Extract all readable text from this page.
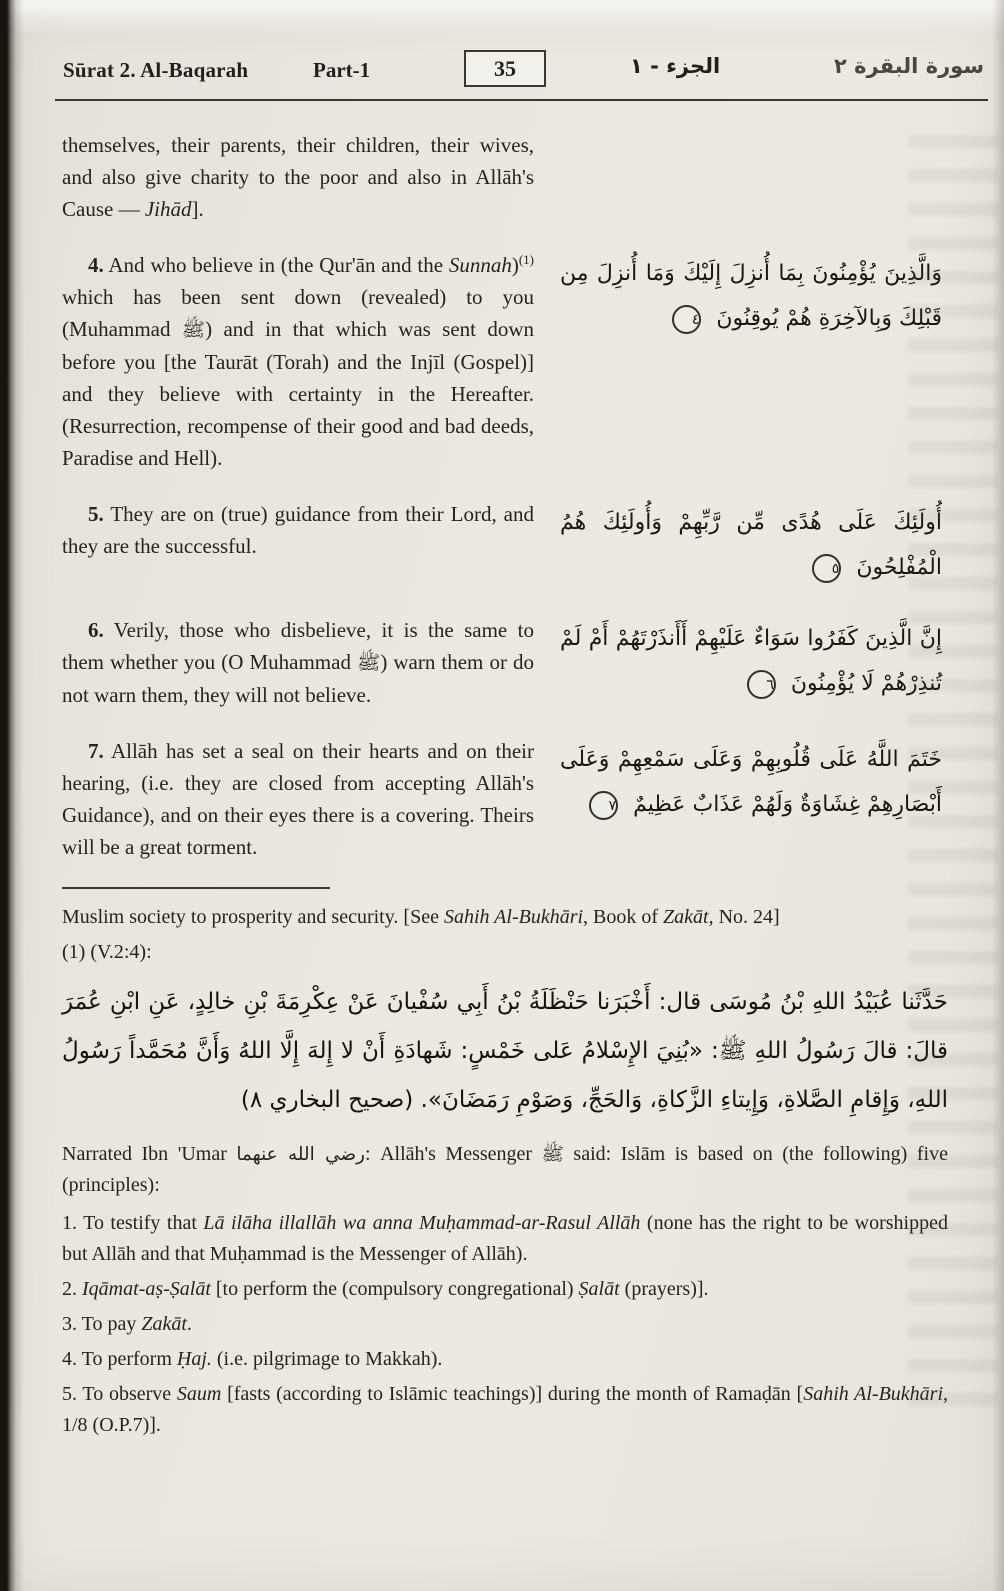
Sūrat 2. Al-Baqarah	Part-1	35	الجزء - ١	سورة البقرة ٢

themselves, their parents, their children, their wives, and also give charity to the poor and also in Allāh's Cause — Jihād].

4. And who believe in (the Qur'ān and the Sunnah)$^{(1)}$ which has been sent down (revealed) to you (Muhammad ﷺ) and in that which was sent down before you [the Taurāt (Torah) and the Injīl (Gospel)] and they believe with certainty in the Hereafter. (Resurrection, recompense of their good and bad deeds, Paradise and Hell).

وَالَّذِينَ يُؤْمِنُونَ بِمَا أُنزِلَ إِلَيْكَ وَمَا أُنزِلَ مِن قَبْلِكَ وَبِالآخِرَةِ هُمْ يُوقِنُونَ ٤

5. They are on (true) guidance from their Lord, and they are the successful.

أُولَئِكَ عَلَى هُدًى مِّن رَّبِّهِمْ وَأُولَئِكَ هُمُ الْمُفْلِحُونَ ٥

6. Verily, those who disbelieve, it is the same to them whether you (O Muhammad ﷺ) warn them or do not warn them, they will not believe.

إِنَّ الَّذِينَ كَفَرُوا سَوَاءٌ عَلَيْهِمْ أَأَنذَرْتَهُمْ أَمْ لَمْ تُنذِرْهُمْ لَا يُؤْمِنُونَ ٦

7. Allāh has set a seal on their hearts and on their hearing, (i.e. they are closed from accepting Allāh's Guidance), and on their eyes there is a covering. Theirs will be a great torment.

خَتَمَ اللَّهُ عَلَى قُلُوبِهِمْ وَعَلَى سَمْعِهِمْ وَعَلَى أَبْصَارِهِمْ غِشَاوَةٌ وَلَهُمْ عَذَابٌ عَظِيمٌ ٧

Muslim society to prosperity and security. [See Sahih Al-Bukhāri, Book of Zakāt, No. 24]

(1) (V.2:4):

حَدَّثَنا عُبَيْدُ اللهِ بْنُ مُوسَى قال: أَخْبَرَنا حَنْظَلَةُ بْنُ أَبِي سُفْيانَ عَنْ عِكْرِمَةَ بْنِ خالِدٍ، عَنِ ابْنِ عُمَرَ قالَ: قالَ رَسُولُ اللهِ ﷺ: «بُنِيَ الإِسْلامُ عَلى خَمْسٍ: شَهادَةِ أَنْ لا إِلهَ إِلَّا اللهُ وَأَنَّ مُحَمَّداً رَسُولُ اللهِ، وَإِقامِ الصَّلاةِ، وَإِيتاءِ الزَّكاةِ، وَالحَجِّ، وَصَوْمِ رَمَضَانَ». (صحيح البخاري ٨)

Narrated Ibn 'Umar رضي الله عنهما: Allāh's Messenger ﷺ said: Islām is based on (the following) five (principles):

1. To testify that Lā ilāha illallāh wa anna Muḥammad-ar-Rasul Allāh (none has the right to be worshipped but Allāh and that Muḥammad is the Messenger of Allāh).

2. Iqāmat-aṣ-Ṣalāt [to perform the (compulsory congregational) Ṣalāt (prayers)].

3. To pay Zakāt.

4. To perform Ḥaj. (i.e. pilgrimage to Makkah).

5. To observe Saum [fasts (according to Islāmic teachings)] during the month of Ramaḍān [Sahih Al-Bukhāri, 1/8 (O.P.7)].
